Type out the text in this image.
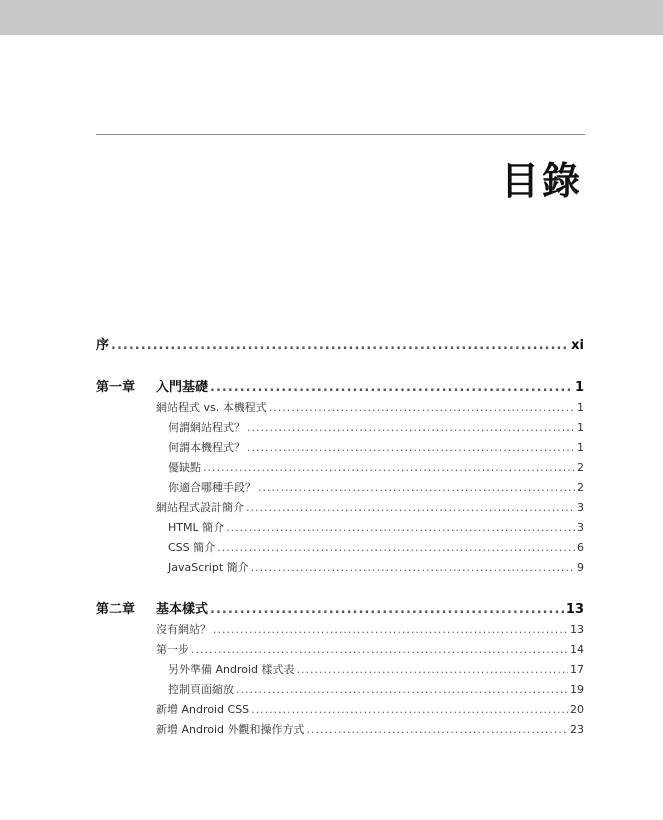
目錄
序 .....	xi
第一章 入門基礎 .....	1
網站程式 vs. 本機程式 .....	1
何謂網站程式？ .....	1
何謂本機程式？ .....	1
優缺點 .....	2
你適合哪種手段？ .....	2
網站程式設計簡介 .....	3
HTML 簡介 .....	3
CSS 簡介 .....	6
JavaScript 簡介 .....	9
第二章 基本樣式 .....	13
沒有網站？ .....	13
第一步 .....	14
另外準備 Android 樣式表 .....	17
控制頁面縮放 .....	19
新增 Android CSS .....	20
新增 Android 外觀和操作方式 .....	23
